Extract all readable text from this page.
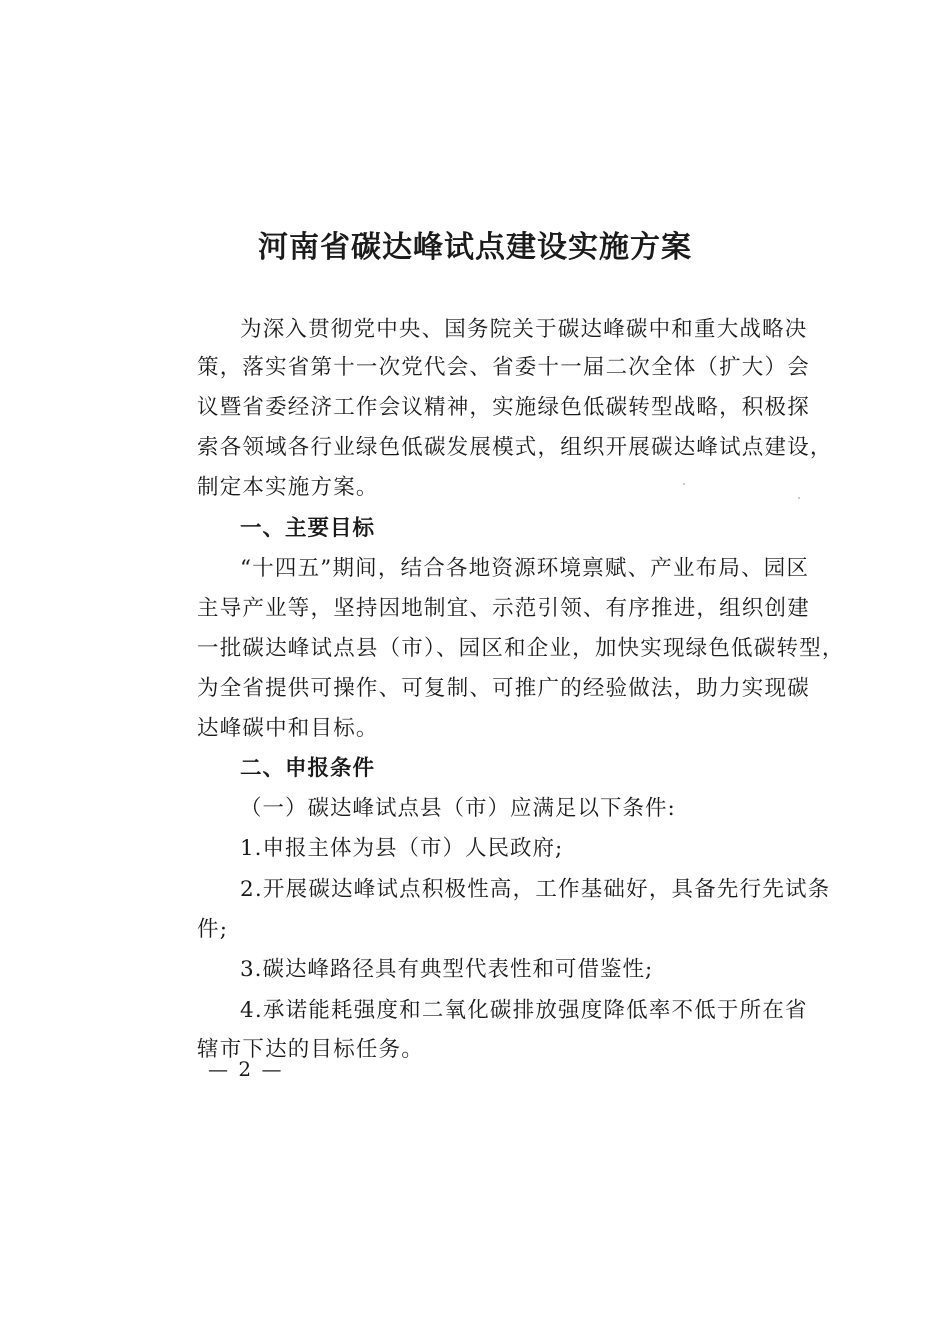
河南省碳达峰试点建设实施方案
为深入贯彻党中央、国务院关于碳达峰碳中和重大战略决
策，落实省第十一次党代会、省委十一届二次全体（扩大）会
议暨省委经济工作会议精神，实施绿色低碳转型战略，积极探
索各领域各行业绿色低碳发展模式，组织开展碳达峰试点建设，
制定本实施方案。
一、主要目标
“十四五”期间，结合各地资源环境禀赋、产业布局、园区
主导产业等，坚持因地制宜、示范引领、有序推进，组织创建
一批碳达峰试点县（市）、园区和企业，加快实现绿色低碳转型，
为全省提供可操作、可复制、可推广的经验做法，助力实现碳
达峰碳中和目标。
二、申报条件
（一）碳达峰试点县（市）应满足以下条件:
1.申报主体为县（市）人民政府;
2.开展碳达峰试点积极性高，工作基础好，具备先行先试条
件;
3.碳达峰路径具有典型代表性和可借鉴性;
4.承诺能耗强度和二氧化碳排放强度降低率不低于所在省
辖市下达的目标任务。
— 2 —
